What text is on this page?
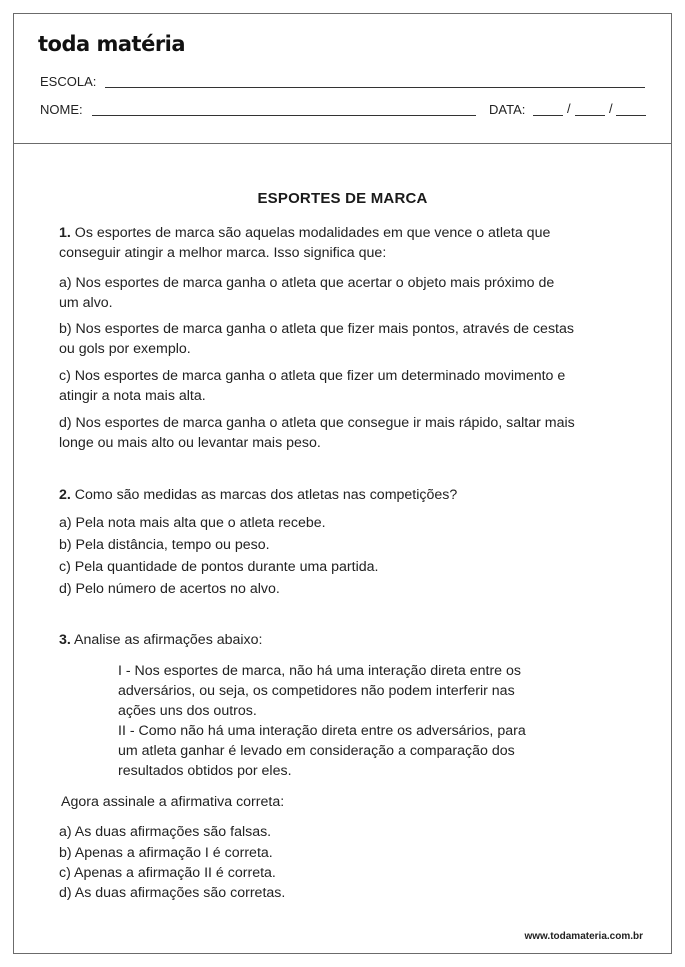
toda matéria
ESCOLA:
NOME:	DATA:	/	/
ESPORTES DE MARCA
1. Os esportes de marca são aquelas modalidades em que vence o atleta que
conseguir atingir a melhor marca. Isso significa que:
a) Nos esportes de marca ganha o atleta que acertar o objeto mais próximo de
um alvo.
b) Nos esportes de marca ganha o atleta que fizer mais pontos, através de cestas
ou gols por exemplo.
c) Nos esportes de marca ganha o atleta que fizer um determinado movimento e
atingir a nota mais alta.
d) Nos esportes de marca ganha o atleta que consegue ir mais rápido, saltar mais
longe ou mais alto ou levantar mais peso.
2. Como são medidas as marcas dos atletas nas competições?
a) Pela nota mais alta que o atleta recebe.
b) Pela distância, tempo ou peso.
c) Pela quantidade de pontos durante uma partida.
d) Pelo número de acertos no alvo.
3. Analise as afirmações abaixo:
I - Nos esportes de marca, não há uma interação direta entre os
adversários, ou seja, os competidores não podem interferir nas
ações uns dos outros.
II - Como não há uma interação direta entre os adversários, para
um atleta ganhar é levado em consideração a comparação dos
resultados obtidos por eles.
Agora assinale a afirmativa correta:
a) As duas afirmações são falsas.
b) Apenas a afirmação I é correta.
c) Apenas a afirmação II é correta.
d) As duas afirmações são corretas.
www.todamateria.com.br
